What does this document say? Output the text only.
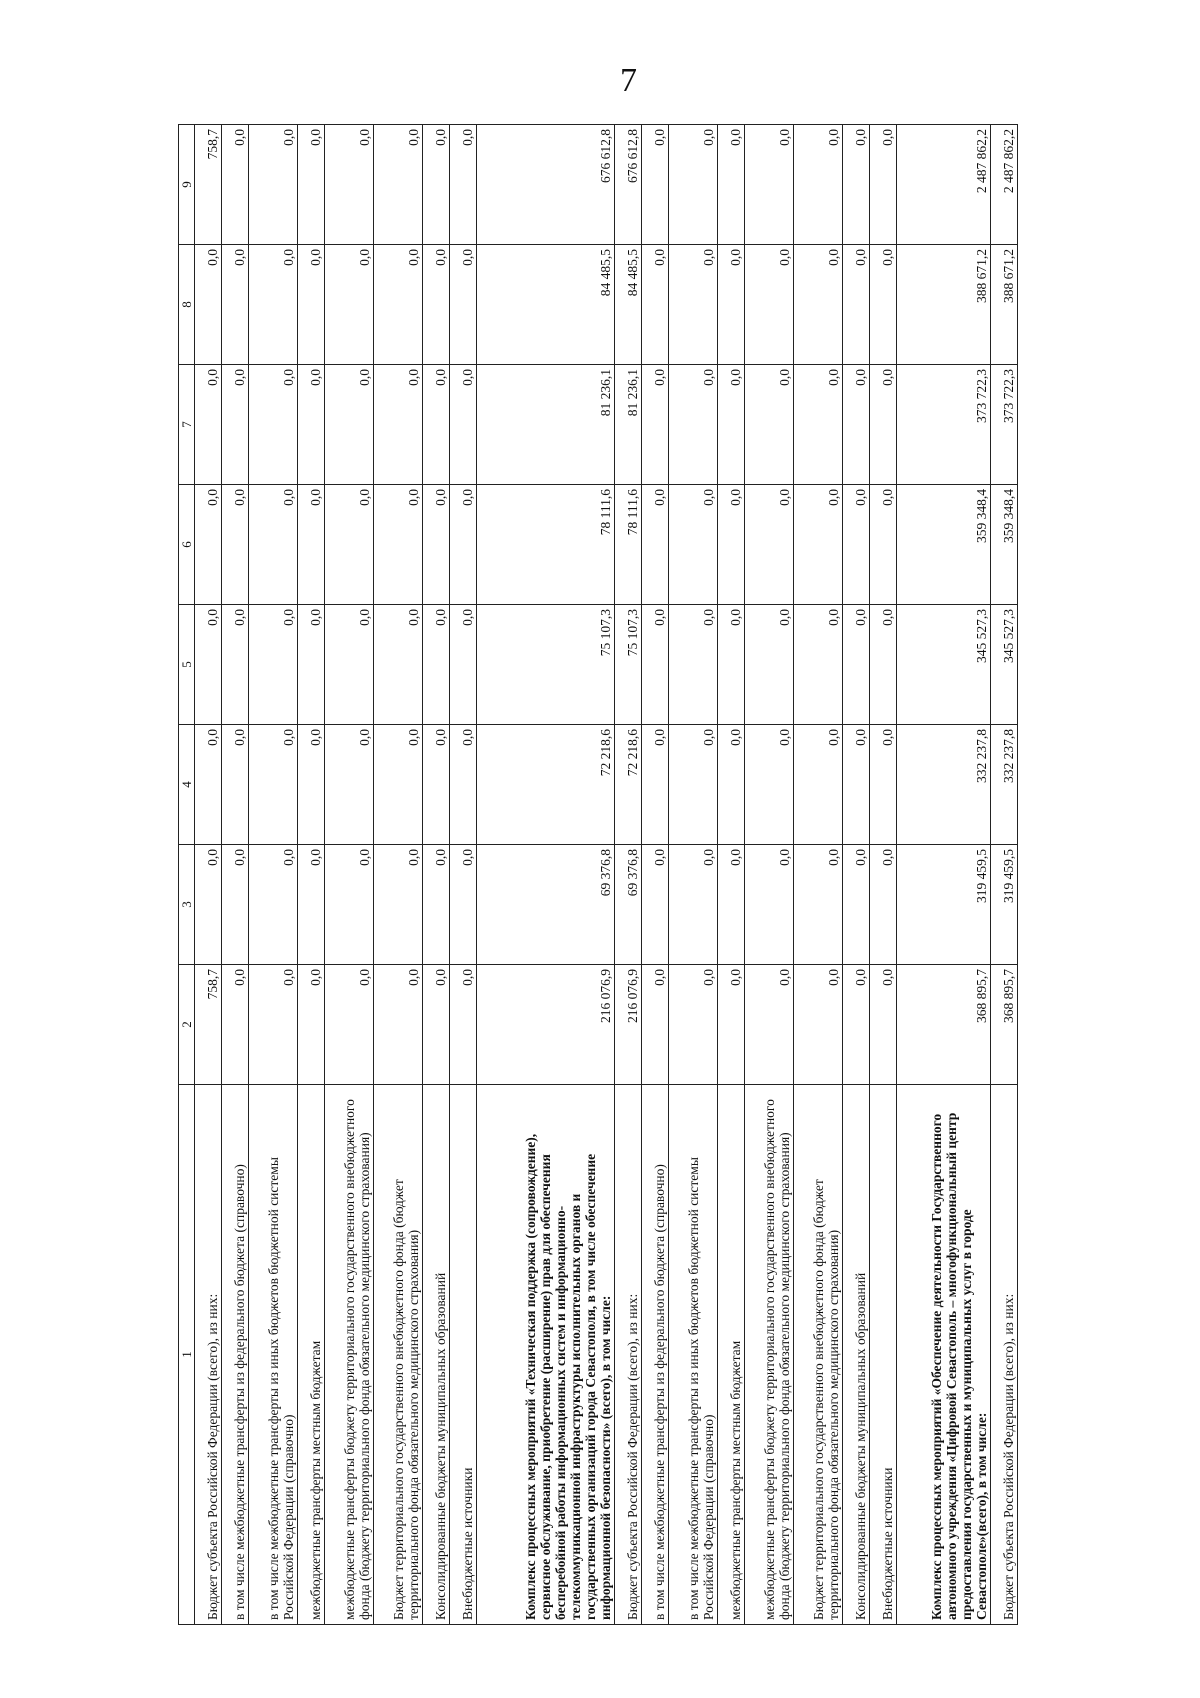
7
1	2	3	4	5	6	7	8	9
Бюджет субъекта Российской Федерации (всего), из них:	758,7	0,0	0,0	0,0	0,0	0,0	0,0	758,7
в том числе межбюджетные трансферты из федерального бюджета (справочно)	0,0	0,0	0,0	0,0	0,0	0,0	0,0	0,0
в том числе межбюджетные трансферты из иных бюджетов бюджетной системы Российской Федерации (справочно)	0,0	0,0	0,0	0,0	0,0	0,0	0,0	0,0
межбюджетные трансферты местным бюджетам	0,0	0,0	0,0	0,0	0,0	0,0	0,0	0,0
межбюджетные трансферты бюджету территориального государственного внебюджетного фонда (бюджету территориального фонда обязательного медицинского страхования)	0,0	0,0	0,0	0,0	0,0	0,0	0,0	0,0
Бюджет территориального государственного внебюджетного фонда (бюджет территориального фонда обязательного медицинского страхования)	0,0	0,0	0,0	0,0	0,0	0,0	0,0	0,0
Консолидированные бюджеты муниципальных образований	0,0	0,0	0,0	0,0	0,0	0,0	0,0	0,0
Внебюджетные источники	0,0	0,0	0,0	0,0	0,0	0,0	0,0	0,0
Комплекс процессных мероприятий «Техническая поддержка (сопровождение), сервисное обслуживание, приобретение (расширение) прав для обеспечения бесперебойной работы информационных систем и информационно-телекоммуникационной инфраструктуры исполнительных органов и государственных организаций города Севастополя, в том числе обеспечение информационной безопасности» (всего), в том числе:	216 076,9	69 376,8	72 218,6	75 107,3	78 111,6	81 236,1	84 485,5	676 612,8
Бюджет субъекта Российской Федерации (всего), из них:	216 076,9	69 376,8	72 218,6	75 107,3	78 111,6	81 236,1	84 485,5	676 612,8
в том числе межбюджетные трансферты из федерального бюджета (справочно)	0,0	0,0	0,0	0,0	0,0	0,0	0,0	0,0
в том числе межбюджетные трансферты из иных бюджетов бюджетной системы Российской Федерации (справочно)	0,0	0,0	0,0	0,0	0,0	0,0	0,0	0,0
межбюджетные трансферты местным бюджетам	0,0	0,0	0,0	0,0	0,0	0,0	0,0	0,0
межбюджетные трансферты бюджету территориального государственного внебюджетного фонда (бюджету территориального фонда обязательного медицинского страхования)	0,0	0,0	0,0	0,0	0,0	0,0	0,0	0,0
Бюджет территориального государственного внебюджетного фонда (бюджет территориального фонда обязательного медицинского страхования)	0,0	0,0	0,0	0,0	0,0	0,0	0,0	0,0
Консолидированные бюджеты муниципальных образований	0,0	0,0	0,0	0,0	0,0	0,0	0,0	0,0
Внебюджетные источники	0,0	0,0	0,0	0,0	0,0	0,0	0,0	0,0
Комплекс процессных мероприятий «Обеспечение деятельности Государственного автономного учреждения «Цифровой Севастополь – многофункциональный центр предоставления государственных и муниципальных услуг в городе Севастополе»(всего), в том числе:	368 895,7	319 459,5	332 237,8	345 527,3	359 348,4	373 722,3	388 671,2	2 487 862,2
Бюджет субъекта Российской Федерации (всего), из них:	368 895,7	319 459,5	332 237,8	345 527,3	359 348,4	373 722,3	388 671,2	2 487 862,2
